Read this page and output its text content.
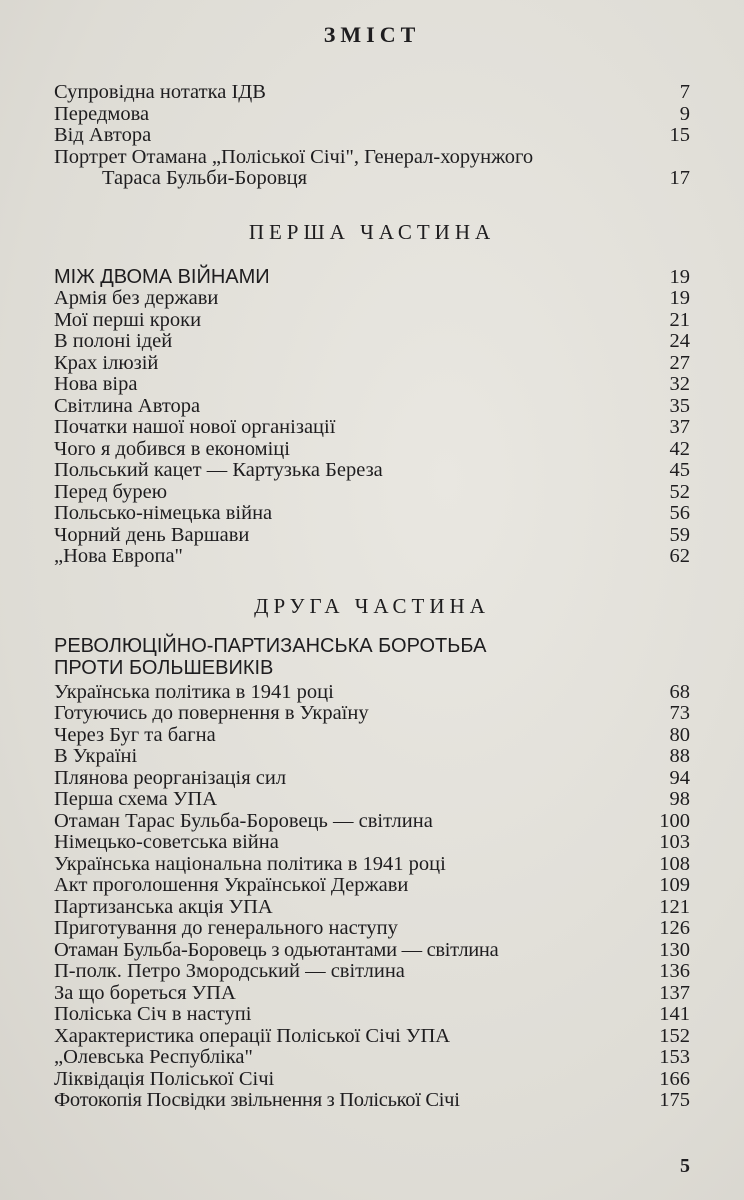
ЗМІСТ
Супровідна нотатка ІДВ	7
Передмова	9
Від Автора	15
Портрет Отамана „Поліської Січі", Генерал-хорунжого
Тараса Бульби-Боровця	17
ПЕРША ЧАСТИНА
МІЖ ДВОМА ВІЙНАМИ	19
Армія без держави	19
Мої перші кроки	21
В полоні ідей	24
Крах ілюзій	27
Нова віра	32
Світлина Автора	35
Початки нашої нової організації	37
Чого я добився в економіці	42
Польський кацет — Картузька Береза	45
Перед бурею	52
Польсько-німецька війна	56
Чорний день Варшави	59
„Нова Европа"	62
ДРУГА ЧАСТИНА
РЕВОЛЮЦІЙНО-ПАРТИЗАНСЬКА БОРОТЬБА
ПРОТИ БОЛЬШЕВИКІВ
Українська політика в 1941 році	68
Готуючись до повернення в Україну	73
Через Буг та багна	80
В Україні	88
Плянова реорганізація сил	94
Перша схема УПА	98
Отаман Тарас Бульба-Боровець — світлина	100
Німецько-советська війна	103
Українська національна політика в 1941 році	108
Акт проголошення Української Держави	109
Партизанська акція УПА	121
Приготування до генерального наступу	126
Отаман Бульба-Боровець з одьютантами — світлина	130
П-полк. Петро Змородський — світлина	136
За що бореться УПА	137
Поліська Січ в наступі	141
Характеристика операції Поліської Січі УПА	152
„Олевська Республіка"	153
Ліквідація Поліської Січі	166
Фотокопія Посвідки звільнення з Поліської Січі	175
5
